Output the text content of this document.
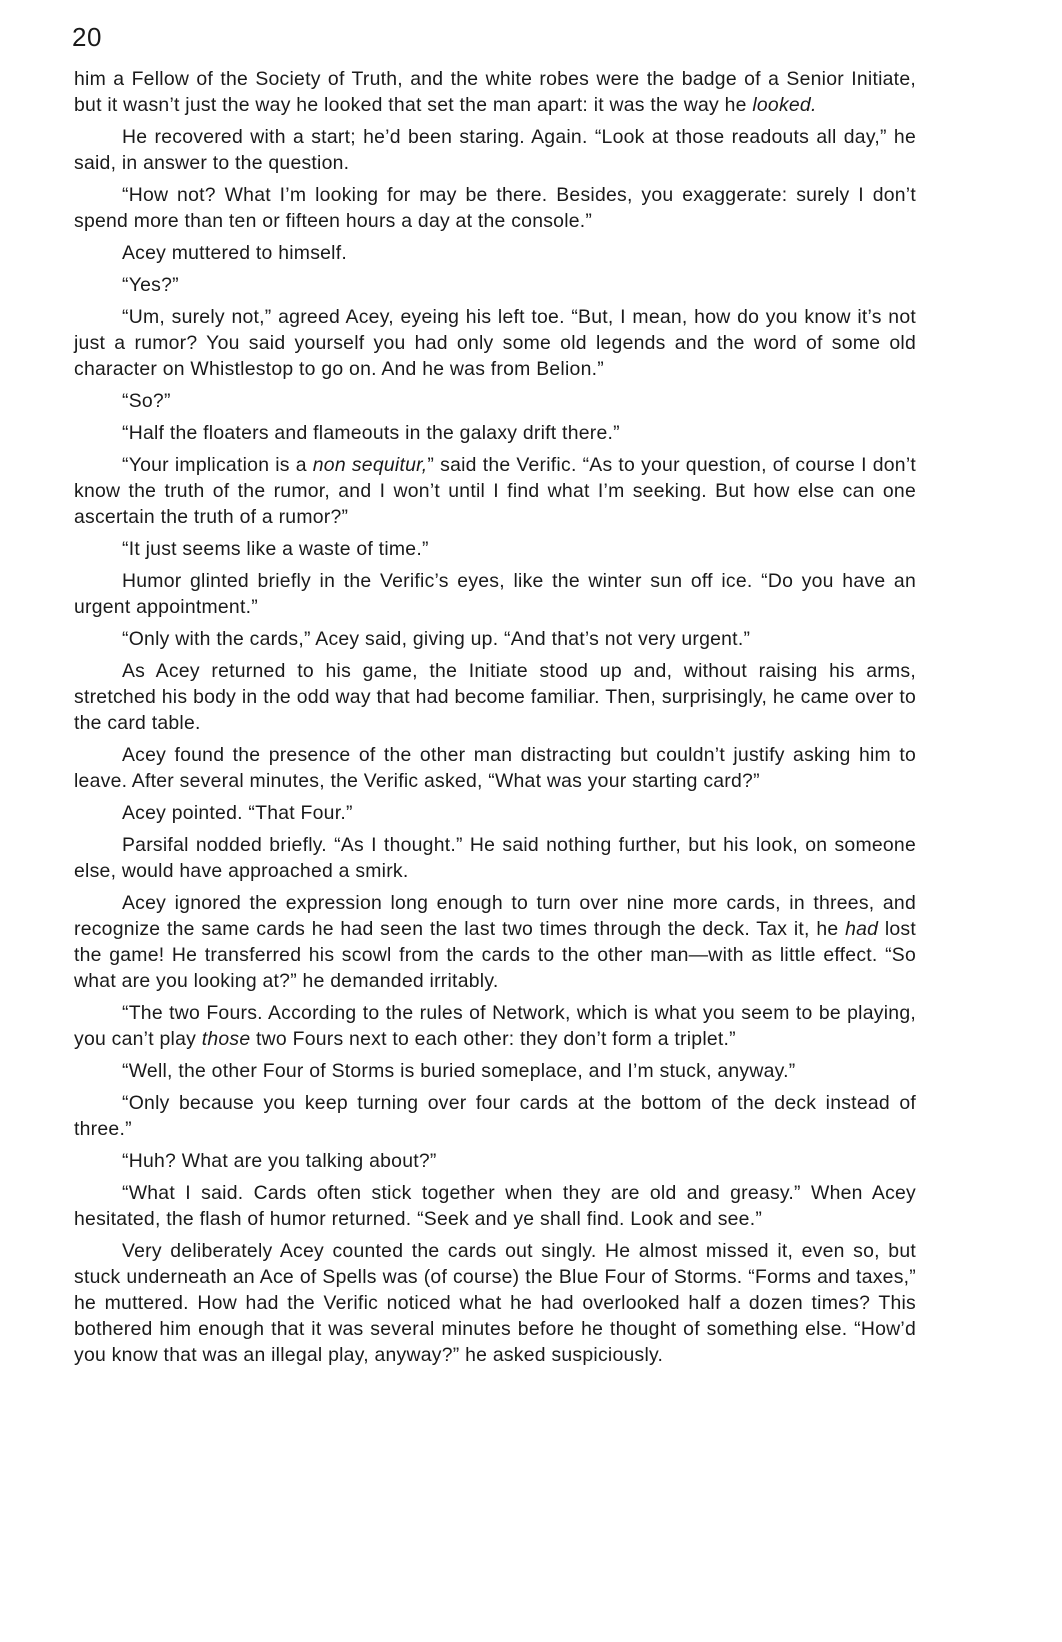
20

him a Fellow of the Society of Truth, and the white robes were the badge of a Senior Initiate, but it wasn’t just the way he looked that set the man apart: it was the way he looked.

He recovered with a start; he’d been staring. Again. “Look at those readouts all day,” he said, in answer to the question.

“How not? What I’m looking for may be there. Besides, you exaggerate: surely I don’t spend more than ten or fifteen hours a day at the console.”

Acey muttered to himself.

“Yes?”

“Um, surely not,” agreed Acey, eyeing his left toe. “But, I mean, how do you know it’s not just a rumor? You said yourself you had only some old legends and the word of some old character on Whistlestop to go on. And he was from Belion.”

“So?”

“Half the floaters and flameouts in the galaxy drift there.”

“Your implication is a non sequitur,” said the Verific. “As to your question, of course I don’t know the truth of the rumor, and I won’t until I find what I’m seeking. But how else can one ascertain the truth of a rumor?”

“It just seems like a waste of time.”

Humor glinted briefly in the Verific’s eyes, like the winter sun off ice. “Do you have an urgent appointment.”

“Only with the cards,” Acey said, giving up. “And that’s not very urgent.”

As Acey returned to his game, the Initiate stood up and, without raising his arms, stretched his body in the odd way that had become familiar. Then, surprisingly, he came over to the card table.

Acey found the presence of the other man distracting but couldn’t justify asking him to leave. After several minutes, the Verific asked, “What was your starting card?”

Acey pointed. “That Four.”

Parsifal nodded briefly. “As I thought.” He said nothing further, but his look, on someone else, would have approached a smirk.

Acey ignored the expression long enough to turn over nine more cards, in threes, and recognize the same cards he had seen the last two times through the deck. Tax it, he had lost the game! He transferred his scowl from the cards to the other man—with as little effect. “So what are you looking at?” he demanded irritably.

“The two Fours. According to the rules of Network, which is what you seem to be playing, you can’t play those two Fours next to each other: they don’t form a triplet.”

“Well, the other Four of Storms is buried someplace, and I’m stuck, anyway.”

“Only because you keep turning over four cards at the bottom of the deck instead of three.”

“Huh? What are you talking about?”

“What I said. Cards often stick together when they are old and greasy.” When Acey hesitated, the flash of humor returned. “Seek and ye shall find. Look and see.”

Very deliberately Acey counted the cards out singly. He almost missed it, even so, but stuck underneath an Ace of Spells was (of course) the Blue Four of Storms. “Forms and taxes,” he muttered. How had the Verific noticed what he had overlooked half a dozen times? This bothered him enough that it was several minutes before he thought of something else. “How’d you know that was an illegal play, anyway?” he asked suspiciously.
